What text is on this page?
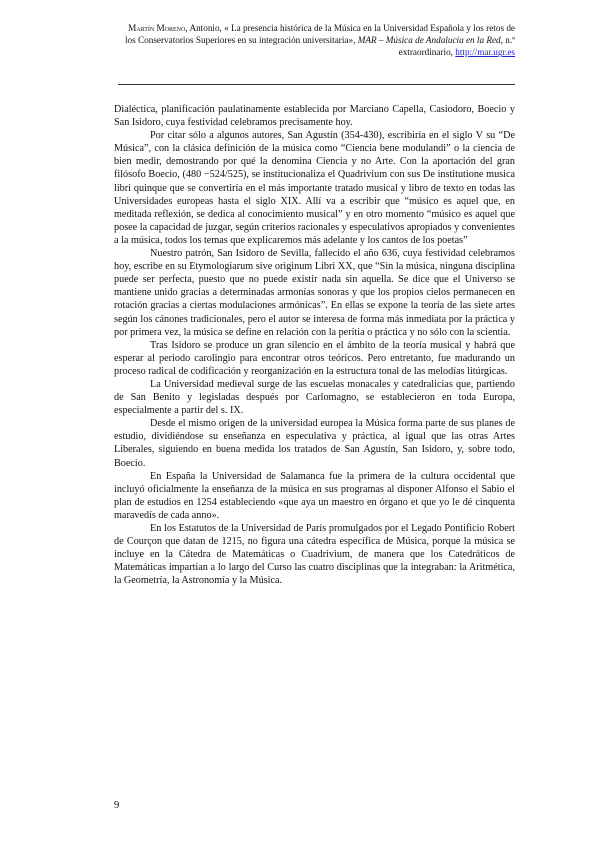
Martín Moreno, Antonio, « La presencia histórica de la Música en la Universidad Española y los retos de los Conservatorios Superiores en su integración universitaria», MAR – Música de Andalucía en la Red, n.º extraordinario, http://mar.ugr.es

Dialéctica, planificación paulatinamente establecida por Marciano Capella, Casiodoro, Boecio y San Isidoro, cuya festividad celebramos precisamente hoy.

Por citar sólo a algunos autores, San Agustín (354-430), escribiría en el siglo V su “De Música”, con la clásica definición de la música como “Ciencia bene modulandi” o la ciencia de bien medir, demostrando por qué la denomina Ciencia y no Arte. Con la aportación del gran filósofo Boecio, (480 −524/525), se institucionaliza el Quadrivium con sus De institutione musica libri quinque que se convertiría en el más importante tratado musical y libro de texto en todas las Universidades europeas hasta el siglo XIX. Allí va a escribir que “músico es aquel que, en meditada reflexión, se dedica al conocimiento musical” y en otro momento “músico es aquel que posee la capacidad de juzgar, según criterios racionales y especulativos apropiados y convenientes a la música, todos los temas que explicaremos más adelante y los cantos de los poetas”

Nuestro patrón, San Isidoro de Sevilla, fallecido el año 636, cuya festividad celebramos hoy, escribe en su Etymologiarum sive originum Libri XX, que “Sin la música, ninguna disciplina puede ser perfecta, puesto que no puede existir nada sin aquella. Se dice que el Universo se mantiene unido gracias a determinadas armonías sonoras y que los propios cielos permanecen en rotación gracias a ciertas modulaciones armónicas”. En ellas se expone la teoría de las siete artes según los cánones tradicionales, pero el autor se interesa de forma más inmediata por la práctica y por primera vez, la música se define en relación con la peritia o práctica y no sólo con la scientia.

Tras Isidoro se produce un gran silencio en el ámbito de la teoría musical y habrá que esperar al periodo carolingio para encontrar otros teóricos. Pero entretanto, fue madurando un proceso radical de codificación y reorganización en la estructura tonal de las melodías litúrgicas.

La Universidad medieval surge de las escuelas monacales y catedralicias que, partiendo de San Benito y legisladas después por Carlomagno, se establecieron en toda Europa, especialmente a partir del s. IX.

Desde el mismo origen de la universidad europea la Música forma parte de sus planes de estudio, dividiéndose su enseñanza en especulativa y práctica, al igual que las otras Artes Liberales, siguiendo en buena medida los tratados de San Agustín, San Isidoro, y, sobre todo, Boecio.

En España la Universidad de Salamanca fue la primera de la cultura occidental que incluyó oficialmente la enseñanza de la música en sus programas al disponer Alfonso el Sabio el plan de estudios en 1254 estableciendo «que aya un maestro en órgano et que yo le dé cinquenta maravedís de cada anno».

En los Estatutos de la Universidad de París promulgados por el Legado Pontificio Robert de Courçon que datan de 1215, no figura una cátedra específica de Música, porque la música se incluye en la Cátedra de Matemáticas o Cuadrivium, de manera que los Catedráticos de Matemáticas impartían a lo largo del Curso las cuatro disciplinas que la integraban: la Aritmética, la Geometría, la Astronomía y la Música.

9
